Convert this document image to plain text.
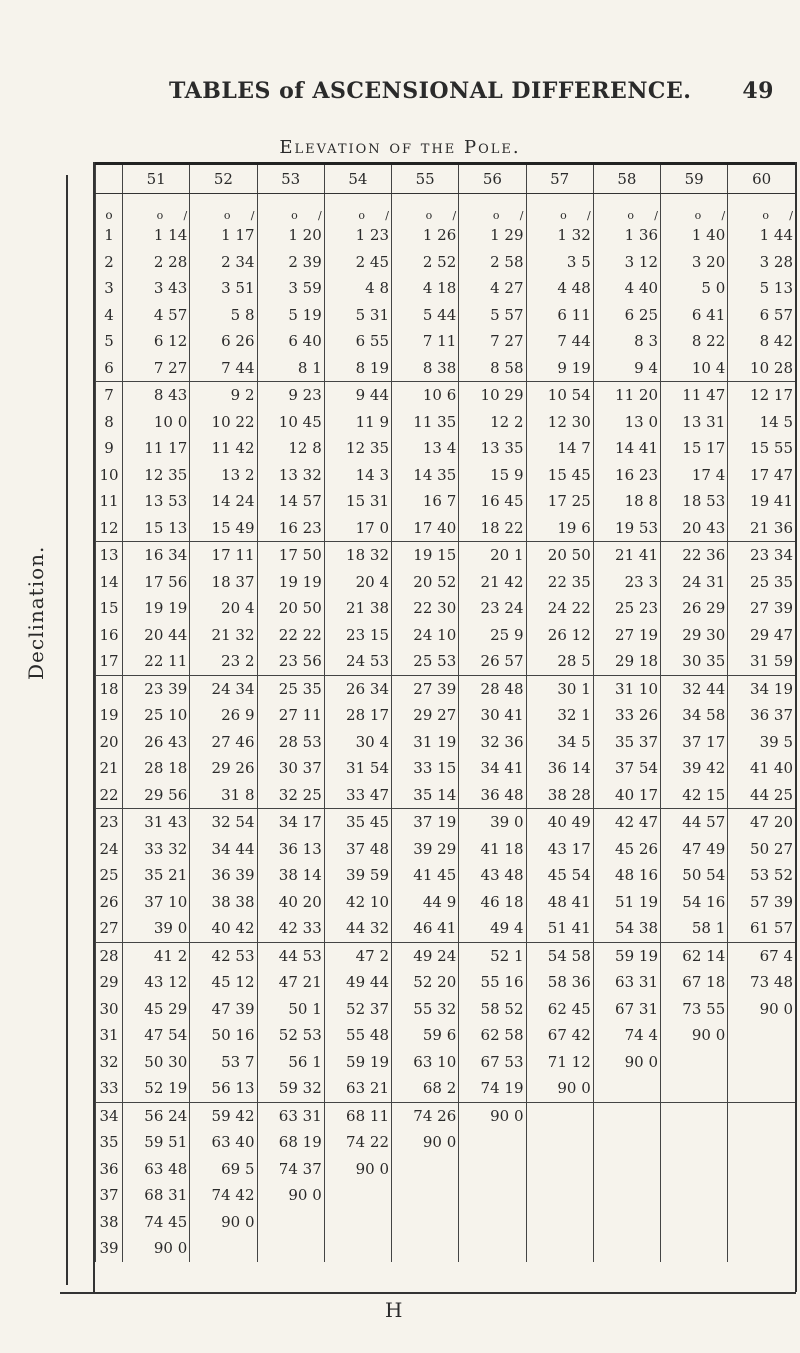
TABLES of ASCENSIONAL DIFFERENCE.	49
Elevation of the Pole.
Declination.
	51	52	53	54	55	56	57	58	59	60
o	o /	o /	o /	o /	o /	o /	o /	o /	o /	o /
1	1 14	1 17	1 20	1 23	1 26	1 29	1 32	1 36	1 40	1 44
2	2 28	2 34	2 39	2 45	2 52	2 58	3 5	3 12	3 20	3 28
3	3 43	3 51	3 59	4 8	4 18	4 27	4 48	4 40	5 0	5 13
4	4 57	5 8	5 19	5 31	5 44	5 57	6 11	6 25	6 41	6 57
5	6 12	6 26	6 40	6 55	7 11	7 27	7 44	8 3	8 22	8 42
6	7 27	7 44	8 1	8 19	8 38	8 58	9 19	9 4	10 4	10 28
7	8 43	9 2	9 23	9 44	10 6	10 29	10 54	11 20	11 47	12 17
8	10 0	10 22	10 45	11 9	11 35	12 2	12 30	13 0	13 31	14 5
9	11 17	11 42	12 8	12 35	13 4	13 35	14 7	14 41	15 17	15 55
10	12 35	13 2	13 32	14 3	14 35	15 9	15 45	16 23	17 4	17 47
11	13 53	14 24	14 57	15 31	16 7	16 45	17 25	18 8	18 53	19 41
12	15 13	15 49	16 23	17 0	17 40	18 22	19 6	19 53	20 43	21 36
13	16 34	17 11	17 50	18 32	19 15	20 1	20 50	21 41	22 36	23 34
14	17 56	18 37	19 19	20 4	20 52	21 42	22 35	23 3	24 31	25 35
15	19 19	20 4	20 50	21 38	22 30	23 24	24 22	25 23	26 29	27 39
16	20 44	21 32	22 22	23 15	24 10	25 9	26 12	27 19	29 30	29 47
17	22 11	23 2	23 56	24 53	25 53	26 57	28 5	29 18	30 35	31 59
18	23 39	24 34	25 35	26 34	27 39	28 48	30 1	31 10	32 44	34 19
19	25 10	26 9	27 11	28 17	29 27	30 41	32 1	33 26	34 58	36 37
20	26 43	27 46	28 53	30 4	31 19	32 36	34 5	35 37	37 17	39 5
21	28 18	29 26	30 37	31 54	33 15	34 41	36 14	37 54	39 42	41 40
22	29 56	31 8	32 25	33 47	35 14	36 48	38 28	40 17	42 15	44 25
23	31 43	32 54	34 17	35 45	37 19	39 0	40 49	42 47	44 57	47 20
24	33 32	34 44	36 13	37 48	39 29	41 18	43 17	45 26	47 49	50 27
25	35 21	36 39	38 14	39 59	41 45	43 48	45 54	48 16	50 54	53 52
26	37 10	38 38	40 20	42 10	44 9	46 18	48 41	51 19	54 16	57 39
27	39 0	40 42	42 33	44 32	46 41	49 4	51 41	54 38	58 1	61 57
28	41 2	42 53	44 53	47 2	49 24	52 1	54 58	59 19	62 14	67 4
29	43 12	45 12	47 21	49 44	52 20	55 16	58 36	63 31	67 18	73 48
30	45 29	47 39	50 1	52 37	55 32	58 52	62 45	67 31	73 55	90 0
31	47 54	50 16	52 53	55 48	59 6	62 58	67 42	74 4	90 0	
32	50 30	53 7	56 1	59 19	63 10	67 53	71 12	90 0		
33	52 19	56 13	59 32	63 21	68 2	74 19	90 0			
34	56 24	59 42	63 31	68 11	74 26	90 0				
35	59 51	63 40	68 19	74 22	90 0					
36	63 48	69 5	74 37	90 0						
37	68 31	74 42	90 0							
38	74 45	90 0								
39	90 0									
H
